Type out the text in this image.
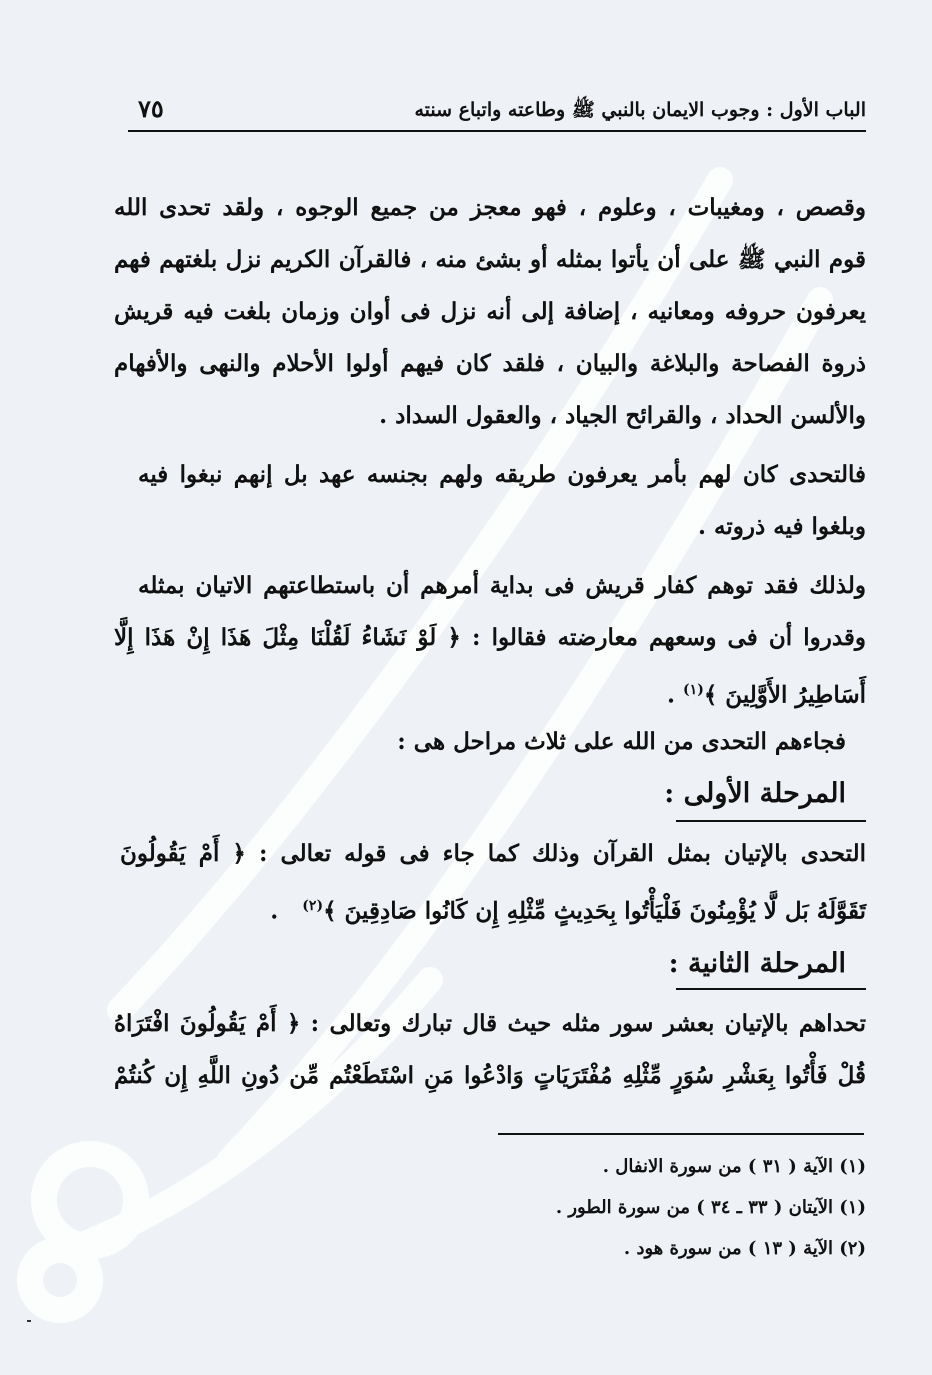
الباب الأول : وجوب الايمان بالنبي ﷺ وطاعته واتباع سنته
٧٥
وقصص ، ومغيبات ، وعلوم ، فهو معجز من جميع الوجوه ، ولقد تحدى الله
قوم النبي ﷺ على أن يأتوا بمثله أو بشئ منه ، فالقرآن الكريم نزل بلغتهم فهم
يعرفون حروفه ومعانيه ، إضافة إلى أنه نزل فى أوان وزمان بلغت فيه قريش
ذروة الفصاحة والبلاغة والبيان ، فلقد كان فيهم أولوا الأحلام والنهى والأفهام
والألسن الحداد ، والقرائح الجياد ، والعقول السداد .
فالتحدى كان لهم بأمر يعرفون طريقه ولهم بجنسه عهد بل إنهم نبغوا فيه
وبلغوا فيه ذروته .
ولذلك فقد توهم كفار قريش فى بداية أمرهم أن باستطاعتهم الاتيان بمثله
وقدروا أن فى وسعهم معارضته فقالوا : ﴿ لَوْ نَشَاءُ لَقُلْنَا مِثْلَ هَذَا إِنْ هَذَا إِلَّا
أَسَاطِيرُ الأَوَّلِينَ ﴾$^{(١)}$ .
فجاءهم التحدى من الله على ثلاث مراحل هى :
المرحلة الأولى :
التحدى بالإتيان بمثل القرآن وذلك كما جاء فى قوله تعالى : ﴿ أَمْ يَقُولُونَ
تَقَوَّلَهُ بَل لَّا يُؤْمِنُونَ فَلْيَأْتُوا بِحَدِيثٍ مِّثْلِهِ إِن كَانُوا صَادِقِينَ ﴾$^{(٢)}$   .
المرحلة الثانية :
تحداهم بالإتيان بعشر سور مثله حيث قال تبارك وتعالى : ﴿ أَمْ يَقُولُونَ افْتَرَاهُ
قُلْ فَأْتُوا بِعَشْرِ سُوَرٍ مِّثْلِهِ مُفْتَرَيَاتٍ وَادْعُوا مَنِ اسْتَطَعْتُم مِّن دُونِ اللَّهِ إِن كُنتُمْ
(١) الآية ( ٣١ ) من سورة الانفال .
(١) الآيتان ( ٣٣ ـ ٣٤ ) من سورة الطور .
(٢) الآية ( ١٣ ) من سورة هود .
